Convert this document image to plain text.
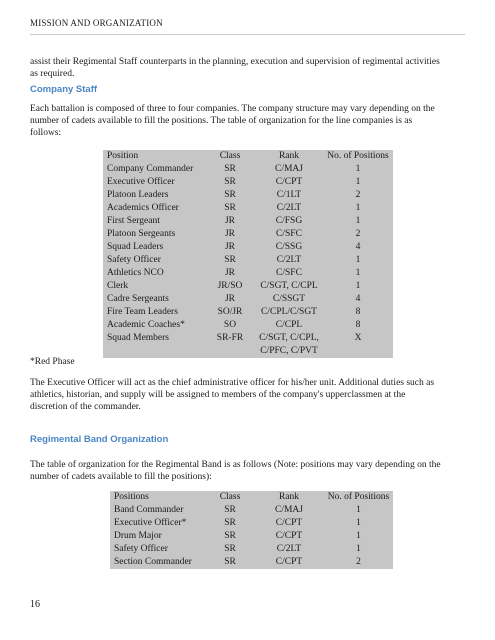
MISSION AND ORGANIZATION

assist their Regimental Staff counterparts in the planning, execution and supervision of regimental activities as required.

Company Staff

Each battalion is composed of three to four companies. The company structure may vary depending on the number of cadets available to fill the positions. The table of organization for the line companies is as follows:

Position	Class	Rank	No. of Positions
Company Commander	SR	C/MAJ	1
Executive Officer	SR	C/CPT	1
Platoon Leaders	SR	C/1LT	2
Academics Officer	SR	C/2LT	1
First Sergeant	JR	C/FSG	1
Platoon Sergeants	JR	C/SFC	2
Squad Leaders	JR	C/SSG	4
Safety Officer	SR	C/2LT	1
Athletics NCO	JR	C/SFC	1
Clerk	JR/SO	C/SGT, C/CPL	1
Cadre Sergeants	JR	C/SSGT	4
Fire Team Leaders	SO/JR	C/CPL/C/SGT	8
Academic Coaches*	SO	C/CPL	8
Squad Members	SR-FR	C/SGT, C/CPL,	X
		C/PFC, C/PVT	
*Red Phase

The Executive Officer will act as the chief administrative officer for his/her unit. Additional duties such as athletics, historian, and supply will be assigned to members of the company's upperclassmen at the discretion of the commander.

Regimental Band Organization

The table of organization for the Regimental Band is as follows (Note: positions may vary depending on the number of cadets available to fill the positions):

Positions	Class	Rank	No. of Positions
Band Commander	SR	C/MAJ	1
Executive Officer*	SR	C/CPT	1
Drum Major	SR	C/CPT	1
Safety Officer	SR	C/2LT	1
Section Commander	SR	C/CPT	2
16
